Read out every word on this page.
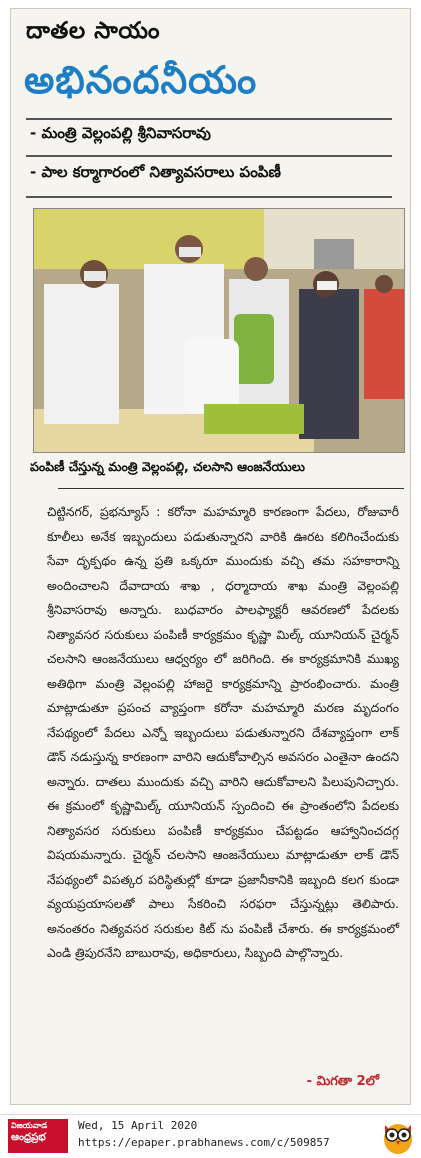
దాతల సాయం
అభినందనీయం
- మంత్రి వెల్లంపల్లి శ్రీనివాసరావు
- పాల కర్మాగారంలో నిత్యావసరాలు పంపిణీ
పంపిణీ చేస్తున్న మంత్రి వెల్లంపల్లి, చలసాని ఆంజనేయులు
చిట్టినగర్, ప్రభన్యూస్ : కరోనా మహమ్మారి కారణంగా పేదలు, రోజువారీ కూలీలు అనేక ఇబ్బందులు పడుతున్నారని వారికి ఊరట కలిగించేందుకు సేవా దృక్పథం ఉన్న ప్రతి ఒక్కరూ ముందుకు వచ్చి తమ సహకారాన్ని అందించాలని దేవాదాయ శాఖ , ధర్మాదాయ శాఖ మంత్రి వెల్లంపల్లి శ్రీనివాసరావు అన్నారు. బుధవారం పాలఫ్యాక్టరీ ఆవరణలో పేదలకు నిత్యావసర సరుకులు పంపిణీ కార్యక్రమం కృష్ణా మిల్క్ యూనియన్ చైర్మన్ చలసాని ఆంజనేయులు ఆధ్వర్యం లో జరిగింది. ఈ కార్యక్రమానికి ముఖ్య అతిథిగా మంత్రి వెల్లంపల్లి హాజరై కార్యక్రమాన్ని ప్రారంభించారు. మంత్రి మాట్లాడుతూ ప్రపంచ వ్యాప్తంగా కరోనా మహమ్మారి మరణ మృదంగం నేపథ్యంలో పేదలు ఎన్నో ఇబ్బందులు పడుతున్నారని దేశవ్యాప్తంగా లాక్ డౌన్ నడుస్తున్న కారణంగా వారిని ఆదుకోవాల్సిన అవసరం ఎంతైనా ఉందని అన్నారు. దాతలు ముందుకు వచ్చి వారిని ఆదుకోవాలని పిలుపునిచ్చారు. ఈ క్రమంలో కృష్ణామిల్క్ యూనియన్ స్పందించి ఈ ప్రాంతంలోని పేదలకు నిత్యావసర సరుకులు పంపిణీ కార్యక్రమం చేపట్టడం ఆహ్వానించదగ్గ విషయమన్నారు. చైర్మన్ చలసాని ఆంజనేయులు మాట్లాడుతూ లాక్ డౌన్ నేపథ్యంలో విపత్కర పరిస్థితుల్లో కూడా ప్రజానీకానికి ఇబ్బంది కలగ కుండా వ్యయప్రయాసలతో పాలు సేకరించి సరఫరా చేస్తున్నట్లు తెలిపారు. అనంతరం నిత్యవసర సరుకుల కిట్ ను పంపిణీ చేశారు. ఈ కార్యక్రమంలో ఎండి త్రిపురనేని బాబురావు, అధికారులు, సిబ్బంది పాల్గొన్నారు.
- మిగతా 2లో
విజయవాడ
ఆంధ్రప్రభ
Wed, 15 April 2020
https://epaper.prabhanews.com/c/509857
